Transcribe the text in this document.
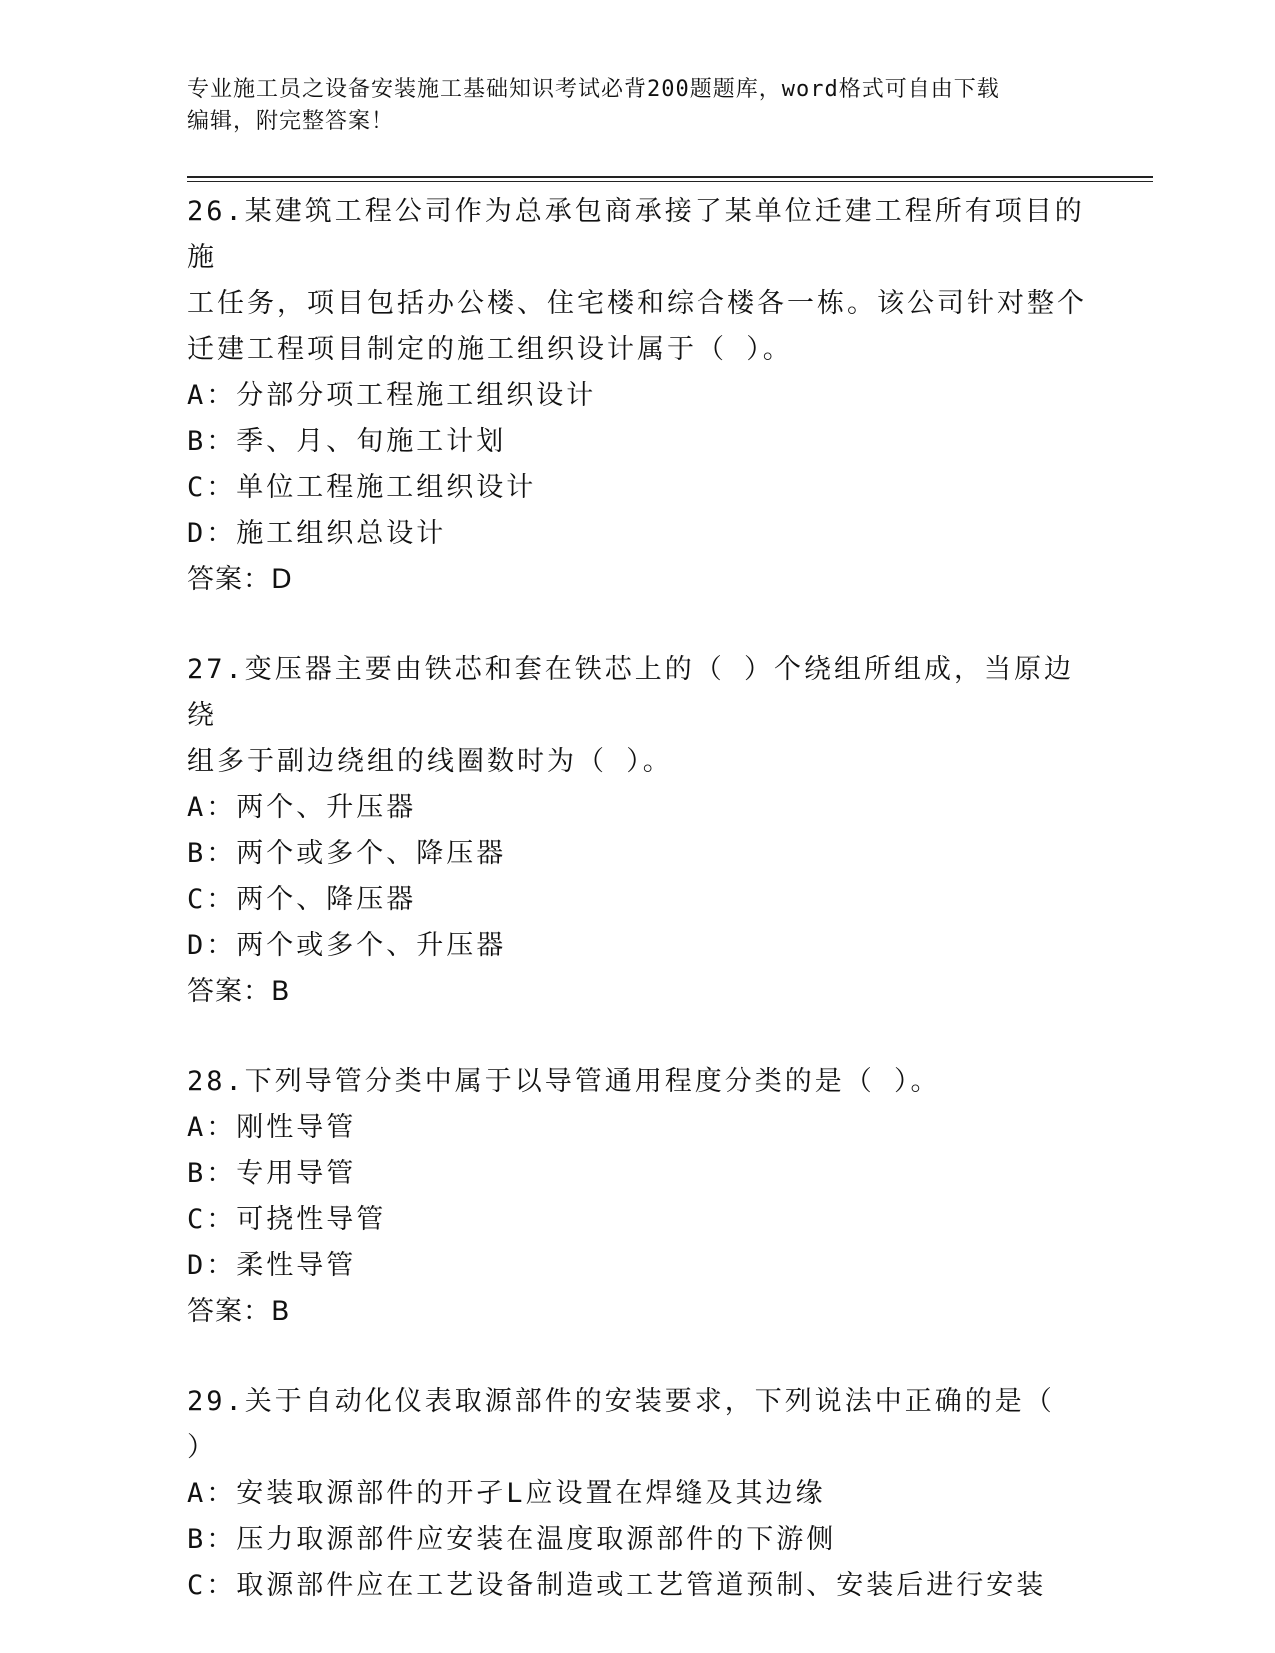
专业施工员之设备安装施工基础知识考试必背200题题库，word格式可自由下载
编辑，附完整答案！
26.某建筑工程公司作为总承包商承接了某单位迁建工程所有项目的施
工任务，项目包括办公楼、住宅楼和综合楼各一栋。该公司针对整个
迁建工程项目制定的施工组织设计属于（ ）。
A：分部分项工程施工组织设计
B：季、月、旬施工计划
C：单位工程施工组织设计
D：施工组织总设计
答案：D
27.变压器主要由铁芯和套在铁芯上的（ ）个绕组所组成，当原边绕
组多于副边绕组的线圈数时为（ ）。
A：两个、升压器
B：两个或多个、降压器
C：两个、降压器
D：两个或多个、升压器
答案：B
28.下列导管分类中属于以导管通用程度分类的是（ ）。
A：刚性导管
B：专用导管
C：可挠性导管
D：柔性导管
答案：B
29.关于自动化仪表取源部件的安装要求，下列说法中正确的是（ ）
A：安装取源部件的开孑L应设置在焊缝及其边缘
B：压力取源部件应安装在温度取源部件的下游侧
C：取源部件应在工艺设备制造或工艺管道预制、安装后进行安装
